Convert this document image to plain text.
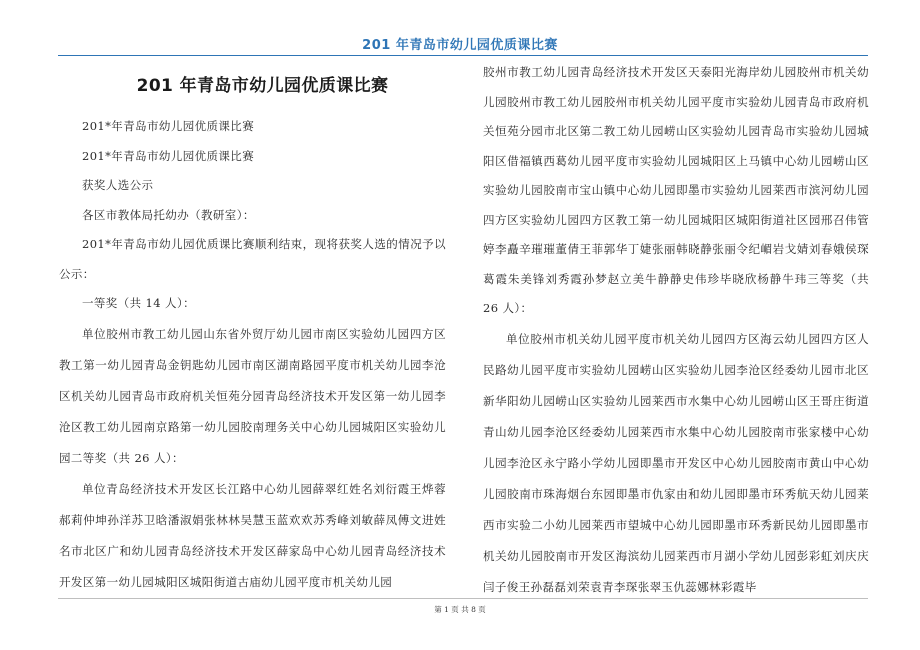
201 年青岛市幼儿园优质课比赛
201 年青岛市幼儿园优质课比赛

201*年青岛市幼儿园优质课比赛

201*年青岛市幼儿园优质课比赛

获奖人选公示

各区市教体局托幼办（教研室）：

201*年青岛市幼儿园优质课比赛顺利结束，现将获奖人选的情况予以公示：

一等奖（共 14 人）：

单位胶州市教工幼儿园山东省外贸厅幼儿园市南区实验幼儿园四方区教工第一幼儿园青岛金钥匙幼儿园市南区湖南路园平度市机关幼儿园李沧区机关幼儿园青岛市政府机关恒苑分园青岛经济技术开发区第一幼儿园李沧区教工幼儿园南京路第一幼儿园胶南理务关中心幼儿园城阳区实验幼儿园二等奖（共 26 人）：

单位青岛经济技术开发区长江路中心幼儿园薛翠红姓名刘衍霞王烨蓉郝莉仲坤孙洋苏卫晗潘淑娟张林林吴慧玉蓝欢欢苏秀峰刘敏薛凤傅文进姓名市北区广和幼儿园青岛经济技术开发区薛家岛中心幼儿园青岛经济技术开发区第一幼儿园城阳区城阳街道古庙幼儿园平度市机关幼儿园

胶州市教工幼儿园青岛经济技术开发区天泰阳光海岸幼儿园胶州市机关幼儿园胶州市教工幼儿园胶州市机关幼儿园平度市实验幼儿园青岛市政府机关恒苑分园市北区第二教工幼儿园崂山区实验幼儿园青岛市实验幼儿园城阳区借福镇西葛幼儿园平度市实验幼儿园城阳区上马镇中心幼儿园崂山区实验幼儿园胶南市宝山镇中心幼儿园即墨市实验幼儿园莱西市滨河幼儿园四方区实验幼儿园四方区教工第一幼儿园城阳区城阳街道社区园邢召伟管婷李矗辛璀璀董倩王菲郭华丁婕张丽韩晓静张丽令纪嵋岩戈婧刘春娥侯琛葛霞朱美锋刘秀霞孙梦赵立美牛静静史伟珍毕晓欣杨静牛玮三等奖（共 26 人）：

单位胶州市机关幼儿园平度市机关幼儿园四方区海云幼儿园四方区人民路幼儿园平度市实验幼儿园崂山区实验幼儿园李沧区经委幼儿园市北区新华阳幼儿园崂山区实验幼儿园莱西市水集中心幼儿园崂山区王哥庄街道青山幼儿园李沧区经委幼儿园莱西市水集中心幼儿园胶南市张家楼中心幼儿园李沧区永宁路小学幼儿园即墨市开发区中心幼儿园胶南市黄山中心幼儿园胶南市珠海烟台东园即墨市仇家由和幼儿园即墨市环秀航天幼儿园莱西市实验二小幼儿园莱西市望城中心幼儿园即墨市环秀新民幼儿园即墨市机关幼儿园胶南市开发区海滨幼儿园莱西市月湖小学幼儿园彭彩虹刘庆庆闫子俊王孙磊磊刘荣袁青李琛张翠玉仇蕊娜林彩霞毕

第 1 页 共 8 页
